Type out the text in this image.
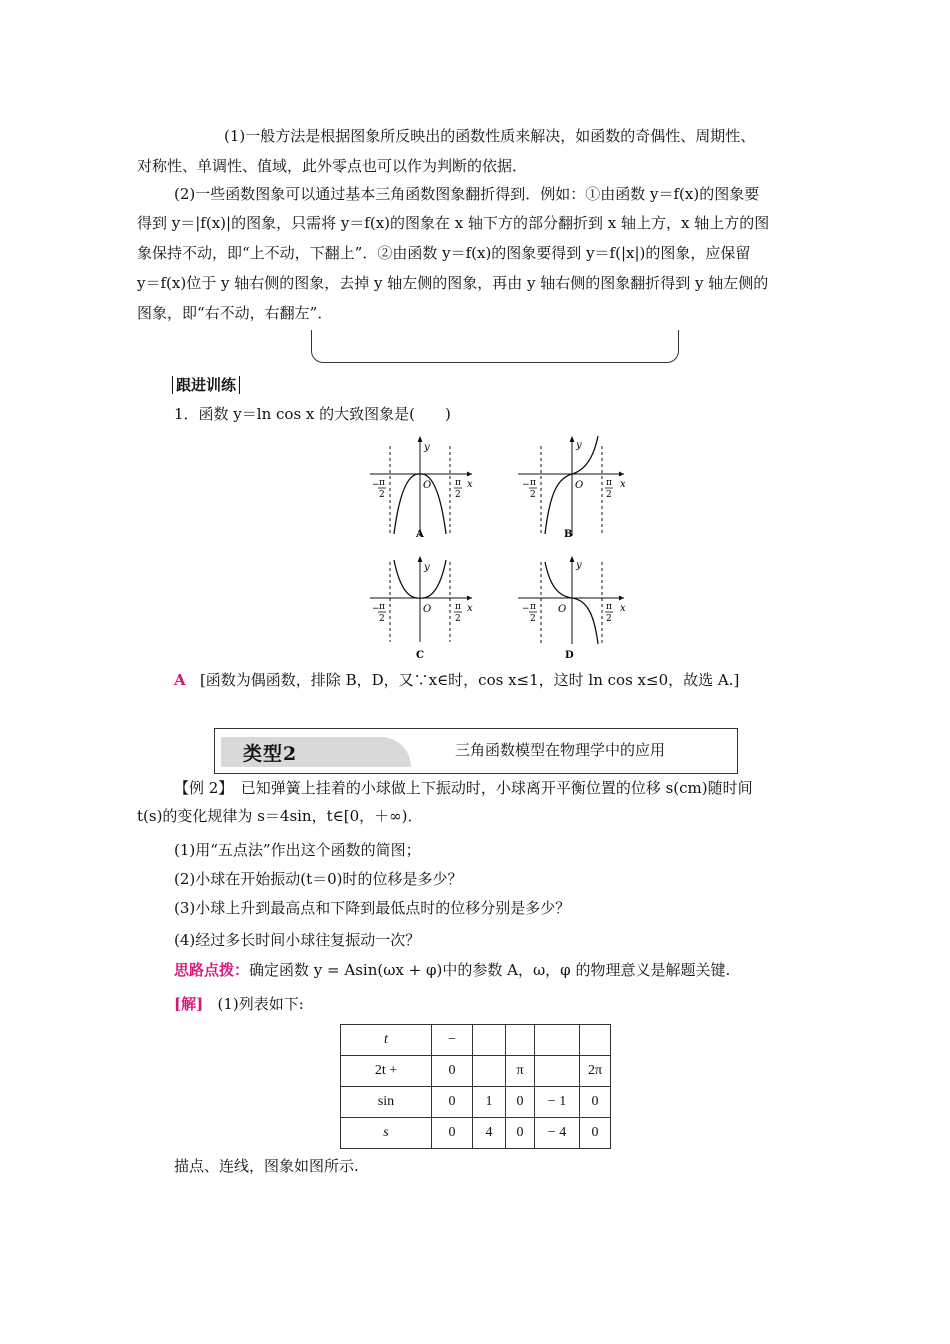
(1)一般方法是根据图象所反映出的函数性质来解决，如函数的奇偶性、周期性、
对称性、单调性、值域，此外零点也可以作为判断的依据．
(2)一些函数图象可以通过基本三角函数图象翻折得到．例如：①由函数 y＝f(x)的图象要
得到 y＝|f(x)|的图象，只需将 y＝f(x)的图象在 x 轴下方的部分翻折到 x 轴上方，x 轴上方的图
象保持不动，即“上不动，下翻上”．②由函数 y＝f(x)的图象要得到 y＝f(|x|)的图象，应保留
y＝f(x)位于 y 轴右侧的图象，去掉 y 轴左侧的图象，再由 y 轴右侧的图象翻折得到 y 轴左侧的
图象，即“右不动，右翻左”．
跟进训练
1．函数 y＝ln cos x 的大致图象是(　　)
y
x
O
− π
2
π
2
A
y
x
O
− π
2
π
2
B
y
x
O
− π
2
π
2
C
y
x
O
− π
2
π
2
D
A [函数为偶函数，排除 B，D，又∵x∈时，cos x≤1，这时 ln cos x≤0，故选 A.]
类型2	三角函数模型在物理学中的应用
【例 2】　已知弹簧上挂着的小球做上下振动时，小球离开平衡位置的位移 s(cm)随时间
t(s)的变化规律为 s＝4sin，t∈[0，＋∞)．
(1)用“五点法”作出这个函数的简图；
(2)小球在开始振动(t＝0)时的位移是多少？
(3)小球上升到最高点和下降到最低点时的位移分别是多少？
(4)经过多长时间小球往复振动一次？
思路点拨：确定函数 y = Asin(ωx + φ)中的参数 A，ω，φ 的物理意义是解题关键.
[解] (1)列表如下:
t	−				
2t +	0		π		2π
sin	0	1	0	− 1	0
s	0	4	0	− 4	0
描点、连线，图象如图所示.
